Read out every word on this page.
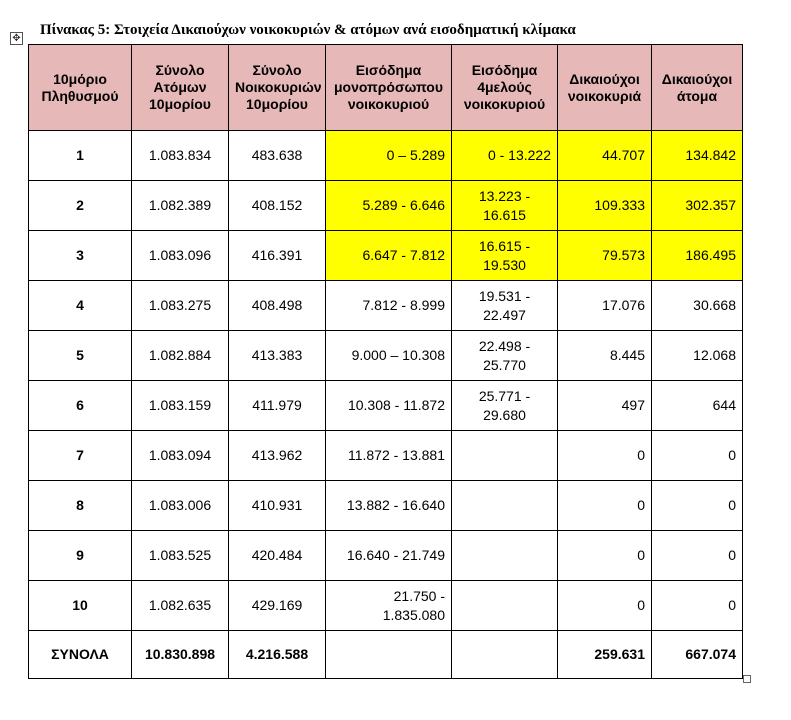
✥
Πίνακας 5: Στοιχεία Δικαιούχων νοικοκυριών & ατόμων ανά εισοδηματική κλίμακα
10μόριο Πληθυσμού	Σύνολο Ατόμων 10μορίου	Σύνολο Νοικοκυριών 10μορίου	Εισόδημα μονοπρόσωπου νοικοκυριού	Εισόδημα 4μελούς νοικοκυριού	Δικαιούχοι νοικοκυριά	Δικαιούχοι άτομα
1	1.083.834	483.638	0 – 5.289	0 - 13.222	44.707	134.842
2	1.082.389	408.152	5.289 - 6.646	13.223 - 16.615	109.333	302.357
3	1.083.096	416.391	6.647 - 7.812	16.615 - 19.530	79.573	186.495
4	1.083.275	408.498	7.812 - 8.999	19.531 - 22.497	17.076	30.668
5	1.082.884	413.383	9.000 – 10.308	22.498 - 25.770	8.445	12.068
6	1.083.159	411.979	10.308 - 11.872	25.771 - 29.680	497	644
7	1.083.094	413.962	11.872 - 13.881		0	0
8	1.083.006	410.931	13.882 - 16.640		0	0
9	1.083.525	420.484	16.640 - 21.749		0	0
10	1.082.635	429.169	21.750 - 1.835.080		0	0
ΣΥΝΟΛΑ	10.830.898	4.216.588			259.631	667.074
